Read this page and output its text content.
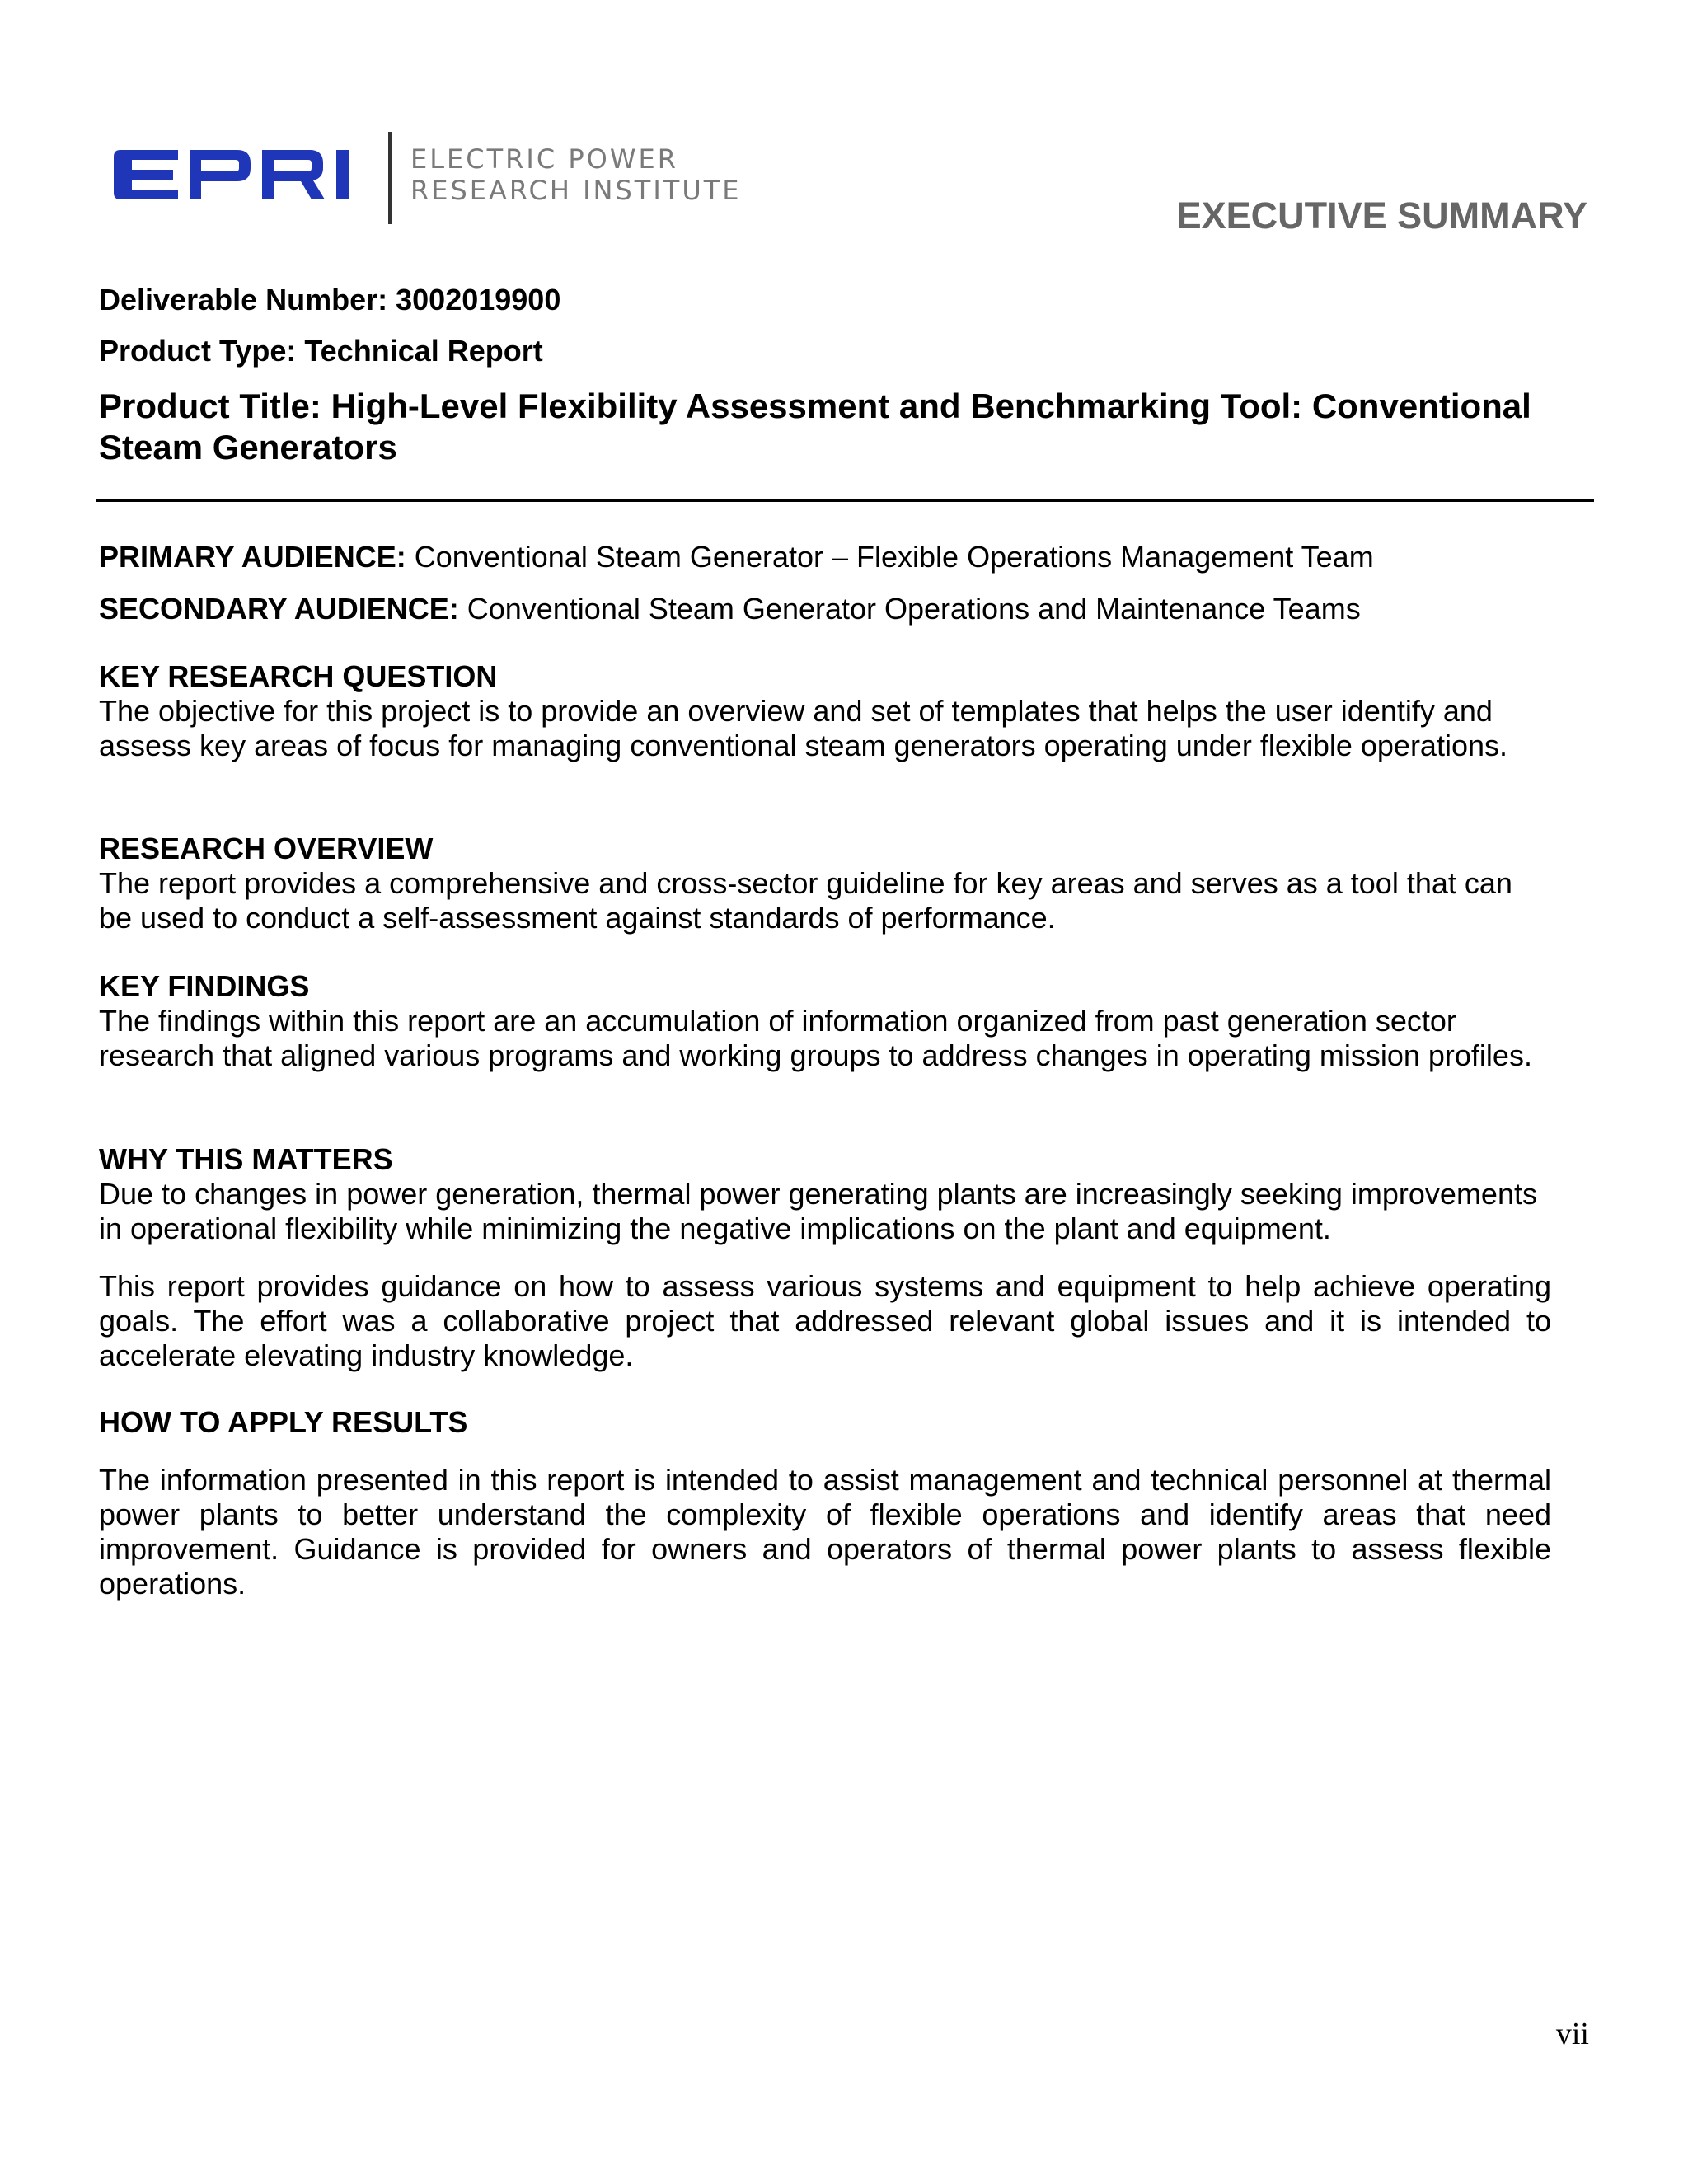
ELECTRIC POWER
RESEARCH INSTITUTE
EXECUTIVE SUMMARY
Deliverable Number: 3002019900
Product Type: Technical Report
Product Title: High-Level Flexibility Assessment and Benchmarking Tool: Conventional Steam Generators
PRIMARY AUDIENCE: Conventional Steam Generator – Flexible Operations Management Team
SECONDARY AUDIENCE: Conventional Steam Generator Operations and Maintenance Teams
KEY RESEARCH QUESTION

The objective for this project is to provide an overview and set of templates that helps the user identify and assess key areas of focus for managing conventional steam generators operating under flexible operations.

RESEARCH OVERVIEW

The report provides a comprehensive and cross-sector guideline for key areas and serves as a tool that can be used to conduct a self-assessment against standards of performance.

KEY FINDINGS

The findings within this report are an accumulation of information organized from past generation sector research that aligned various programs and working groups to address changes in operating mission profiles.

WHY THIS MATTERS

Due to changes in power generation, thermal power generating plants are increasingly seeking improvements in operational flexibility while minimizing the negative implications on the plant and equipment.

This report provides guidance on how to assess various systems and equipment to help achieve operating goals. The effort was a collaborative project that addressed relevant global issues and it is intended to accelerate elevating industry knowledge.

HOW TO APPLY RESULTS

The information presented in this report is intended to assist management and technical personnel at thermal power plants to better understand the complexity of flexible operations and identify areas that need improvement. Guidance is provided for owners and operators of thermal power plants to assess flexible operations.

vii
